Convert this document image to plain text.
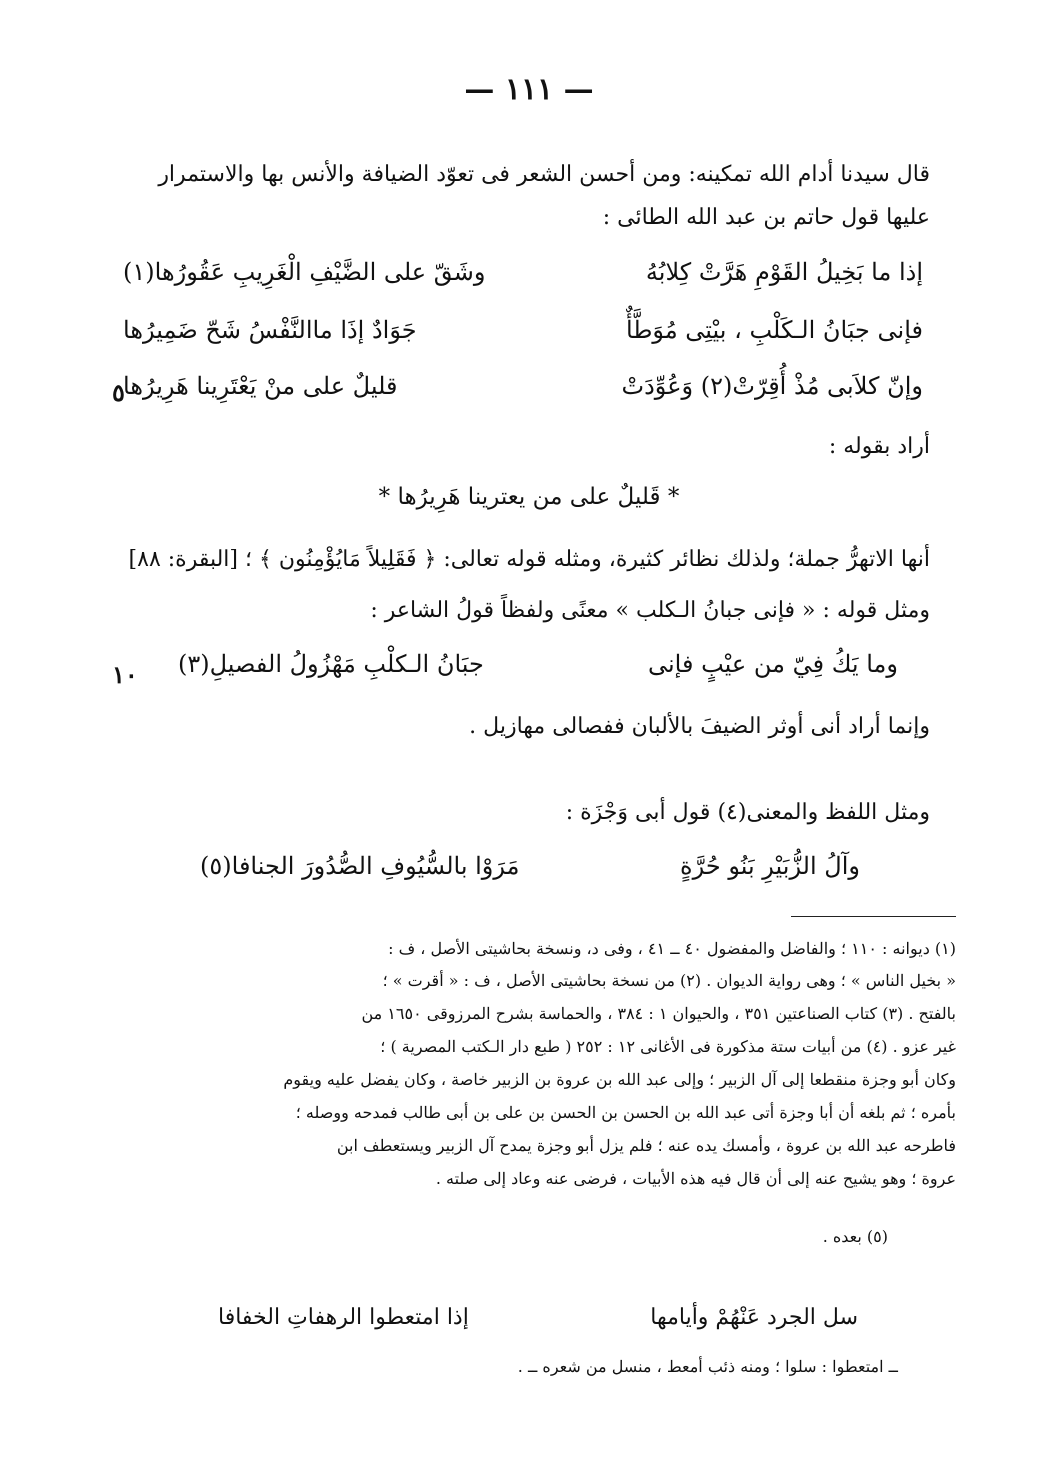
— ١١١ —
قال سيدنا أدام الله تمكينه: ومن أحسن الشعر فى تعوّد الضيافة والأنس بها والاستمرار
عليها قول حاتم بن عبد الله الطائى :
إذا ما بَخِيلُ القَوْمِ هَرَّتْ كِلابُهُ
وشَقّ على الضَّيْفِ الْغَرِيبِ عَقُورُها(١)
فإنى جبَانُ الـكَلْبِ ، بيْتِى مُوَطَّأٌ
جَوَادٌ إذَا ماالنَّفْسُ شَحّ ضَمِيرُها
وإنّ كلاَبى مُذْ أُقِرّتْ(٢) وَعُوِّدَتْ
قليلٌ على منْ يَعْتَرِينا هَرِيرُها
٥
أراد بقوله :
* قَليلٌ على من يعترينا هَرِيرُها *
أنها الاتهرُّ جملة؛ ولذلك نظائر كثيرة، ومثله قوله تعالى: ﴿ فَقَلِيلاً مَايُؤْمِنُون ﴾ ؛ [البقرة: ٨٨]
ومثل قوله : « فإنى جبانُ الـكلب » معنًى ولفظاً قولُ الشاعر :
وما يَكُ فِيّ من عيْبٍ فإنى
جبَانُ الـكلْبِ مَهْزُولُ الفصيلِ(٣)
١٠
وإنما أراد أنى أوثر الضيفَ بالألبان ففصالى مهازيل .
ومثل اللفظ والمعنى(٤) قول أبى وَجْزَة :
وآلُ الزُّبَيْرِ بَنُو حُرَّةٍ
مَرَوْا بالسُّيُوفِ الصُّدُورَ الجنافا(٥)
(١) ديوانه : ١١٠ ؛ والفاضل والمفضول ٤٠ ــ ٤١ ، وفى د، ونسخة بحاشيتى الأصل ، ف :
« بخيل الناس » ؛ وهى رواية الديوان . (٢) من نسخة بحاشيتى الأصل ، ف : « أقرت » ؛
بالفتح . (٣) كتاب الصناعتين ٣٥١ ، والحيوان ١ : ٣٨٤ ، والحماسة بشرح المرزوقى ١٦٥٠ من
غير عزو . (٤) من أبيات ستة مذكورة فى الأغانى ١٢ : ٢٥٢ ( طبع دار الـكتب المصرية ) ؛
وكان أبو وجزة منقطعا إلى آل الزبير ؛ وإلى عبد الله بن عروة بن الزبير خاصة ، وكان يفضل عليه ويقوم
بأمره ؛ ثم بلغه أن أبا وجزة أتى عبد الله بن الحسن بن الحسن بن على بن أبى طالب فمدحه ووصله ؛
فاطرحه عبد الله بن عروة ، وأمسك يده عنه ؛ فلم يزل أبو وجزة يمدح آل الزبير ويستعطف ابن
عروة ؛ وهو يشيح عنه إلى أن قال فيه هذه الأبيات ، فرضى عنه وعاد إلى صلته .
(٥) بعده .
سل الجرد عَنْهُمْ وأيامها
إذا امتعطوا الرهفاتِ الخفافا
ــ امتعطوا : سلوا ؛ ومنه ذئب أمعط ، منسل من شعره ــ .
